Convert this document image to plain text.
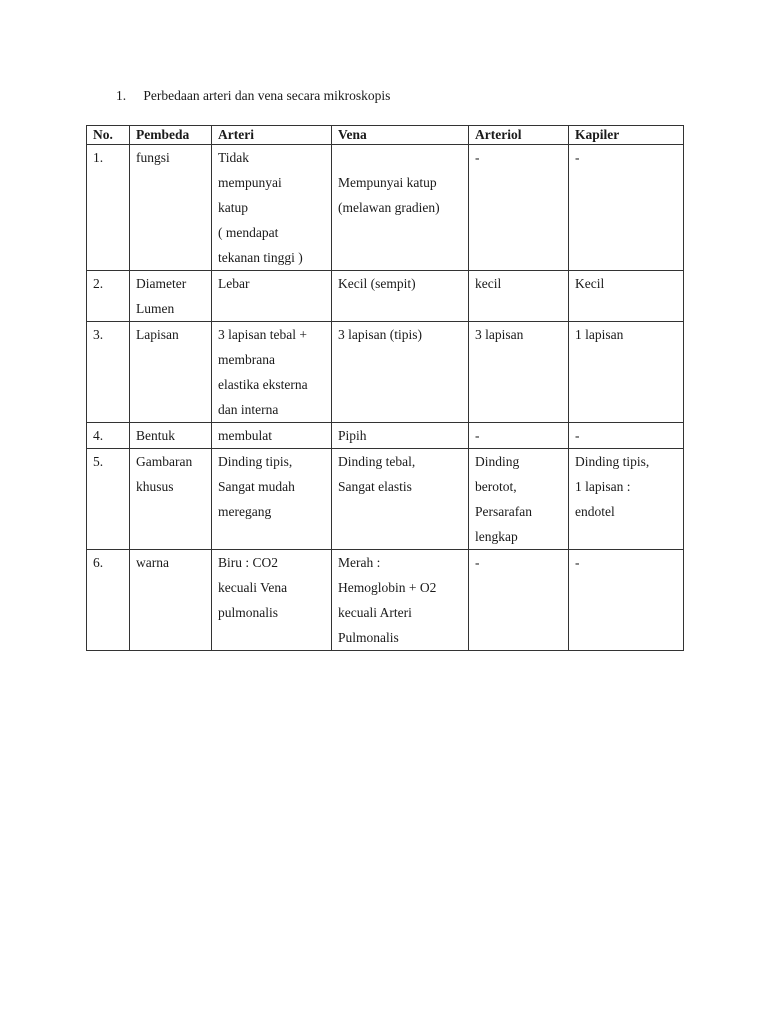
1. Perbedaan arteri dan vena secara mikroskopis
No.	Pembeda	Arteri	Vena	Arteriol	Kapiler
1.	fungsi	Tidak
mempunyai
katup
( mendapat
tekanan tinggi )	Mempunyai katup
(melawan gradien)	-	-

2.	Diameter
Lumen	Lebar	Kecil (sempit)	kecil	Kecil

3.	Lapisan	3 lapisan tebal +
membrana
elastika eksterna
dan interna	3 lapisan (tipis)	3 lapisan	1 lapisan

4.	Bentuk	membulat	Pipih	-	-

5.	Gambaran
khusus	Dinding tipis,
Sangat mudah
meregang	Dinding tebal,
Sangat elastis	Dinding
berotot,
Persarafan
lengkap	Dinding tipis,
1 lapisan :
endotel

6.	warna	Biru : CO2
kecuali Vena
pulmonalis	Merah :
Hemoglobin + O2
kecuali Arteri
Pulmonalis	-	-
